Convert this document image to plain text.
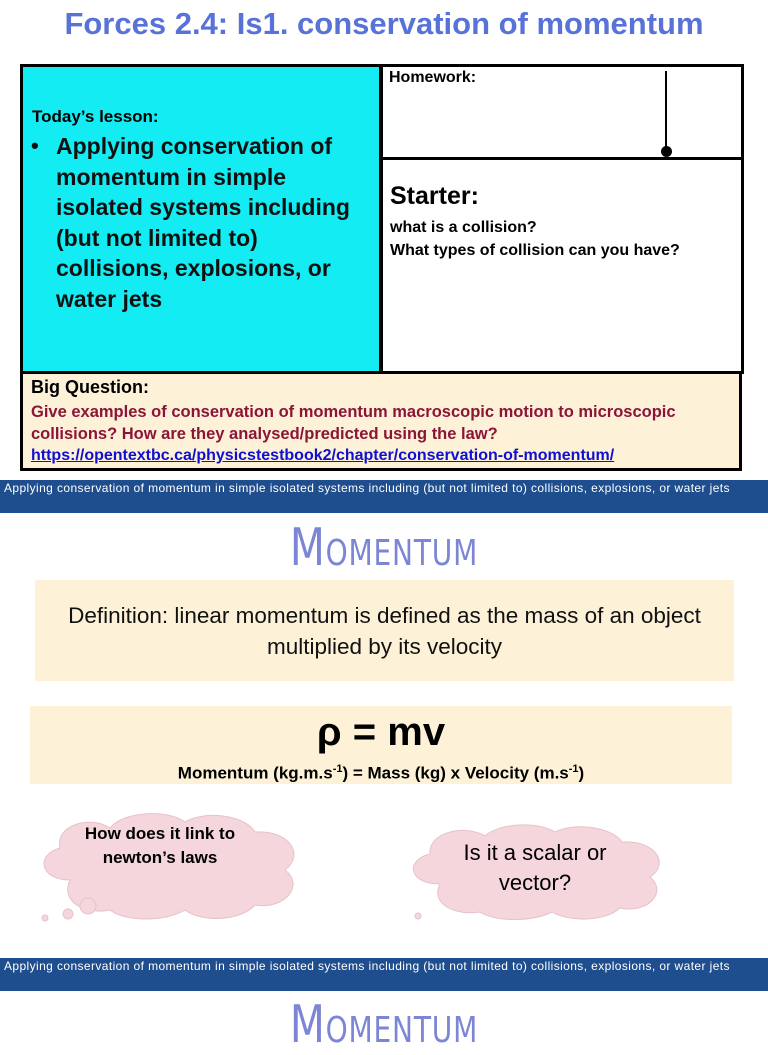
Forces 2.4: Is1. conservation of momentum
Today’s lesson:
• Applying conservation of momentum in simple isolated systems including (but not limited to) collisions, explosions, or water jets
Homework:
Starter:
what is a collision?
What types of collision can you have?
Big Question:
Give examples of conservation of momentum macroscopic motion to microscopic collisions? How are they analysed/predicted using the law?
https://opentextbc.ca/physicstestbook2/chapter/conservation-of-momentum/
Applying conservation of momentum in simple isolated systems including (but not limited to) collisions, explosions, or water jets
Momentum
Definition: linear momentum is defined as the mass of an object multiplied by its velocity
ρ = mv
Momentum $(kg.m.s^{-1})$ = Mass (kg) x Velocity $(m.s^{-1})$
How does it link to newton’s laws	Is it a scalar or vector?
Applying conservation of momentum in simple isolated systems including (but not limited to) collisions, explosions, or water jets
Momentum
